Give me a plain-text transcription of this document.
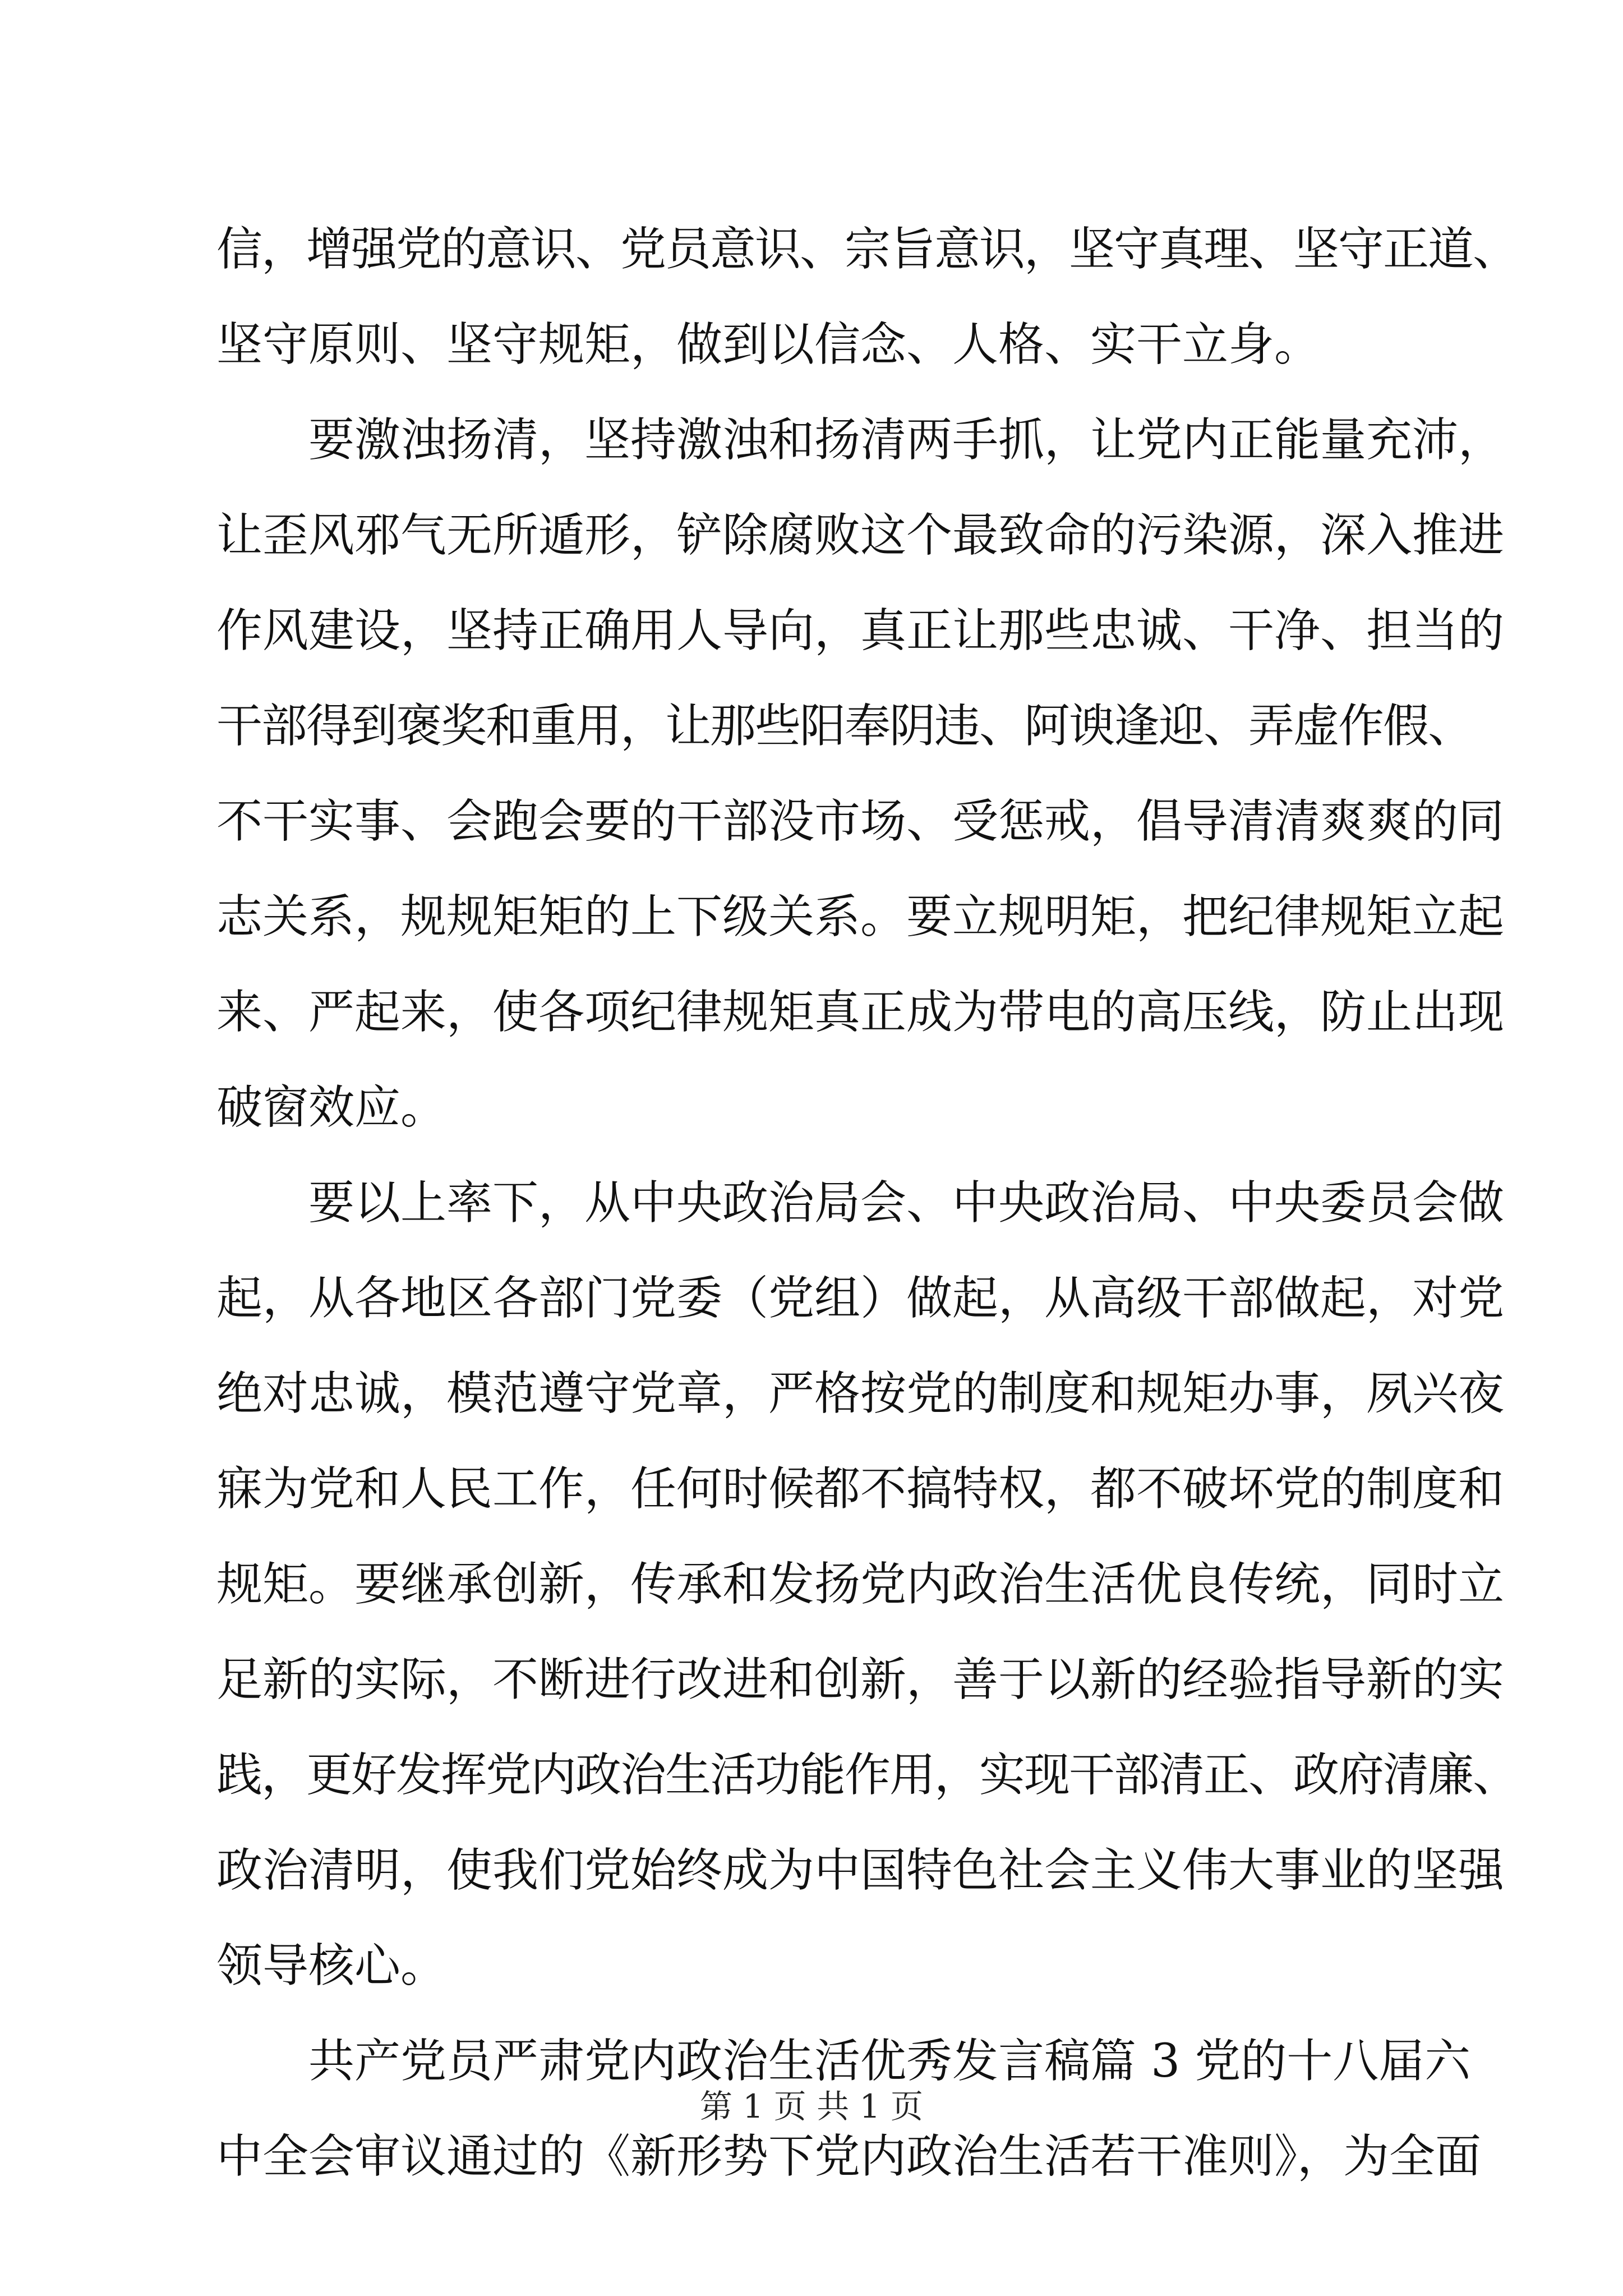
信，增强党的意识、党员意识、宗旨意识，坚守真理、坚守正道、
坚守原则、坚守规矩，做到以信念、人格、实干立身。
要激浊扬清，坚持激浊和扬清两手抓，让党内正能量充沛，
让歪风邪气无所遁形，铲除腐败这个最致命的污染源，深入推进
作风建设，坚持正确用人导向，真正让那些忠诚、干净、担当的
干部得到褒奖和重用，让那些阳奉阴违、阿谀逢迎、弄虚作假、
不干实事、会跑会要的干部没市场、受惩戒，倡导清清爽爽的同
志关系，规规矩矩的上下级关系。要立规明矩，把纪律规矩立起
来、严起来，使各项纪律规矩真正成为带电的高压线，防止出现
破窗效应。
要以上率下，从中央政治局会、中央政治局、中央委员会做
起，从各地区各部门党委（党组）做起，从高级干部做起，对党
绝对忠诚，模范遵守党章，严格按党的制度和规矩办事，夙兴夜
寐为党和人民工作，任何时候都不搞特权，都不破坏党的制度和
规矩。要继承创新，传承和发扬党内政治生活优良传统，同时立
足新的实际，不断进行改进和创新，善于以新的经验指导新的实
践，更好发挥党内政治生活功能作用，实现干部清正、政府清廉、
政治清明，使我们党始终成为中国特色社会主义伟大事业的坚强
领导核心。
共产党员严肃党内政治生活优秀发言稿篇 3 党的十八届六
中全会审议通过的《新形势下党内政治生活若干准则》，为全面
第 1 页 共 1 页
